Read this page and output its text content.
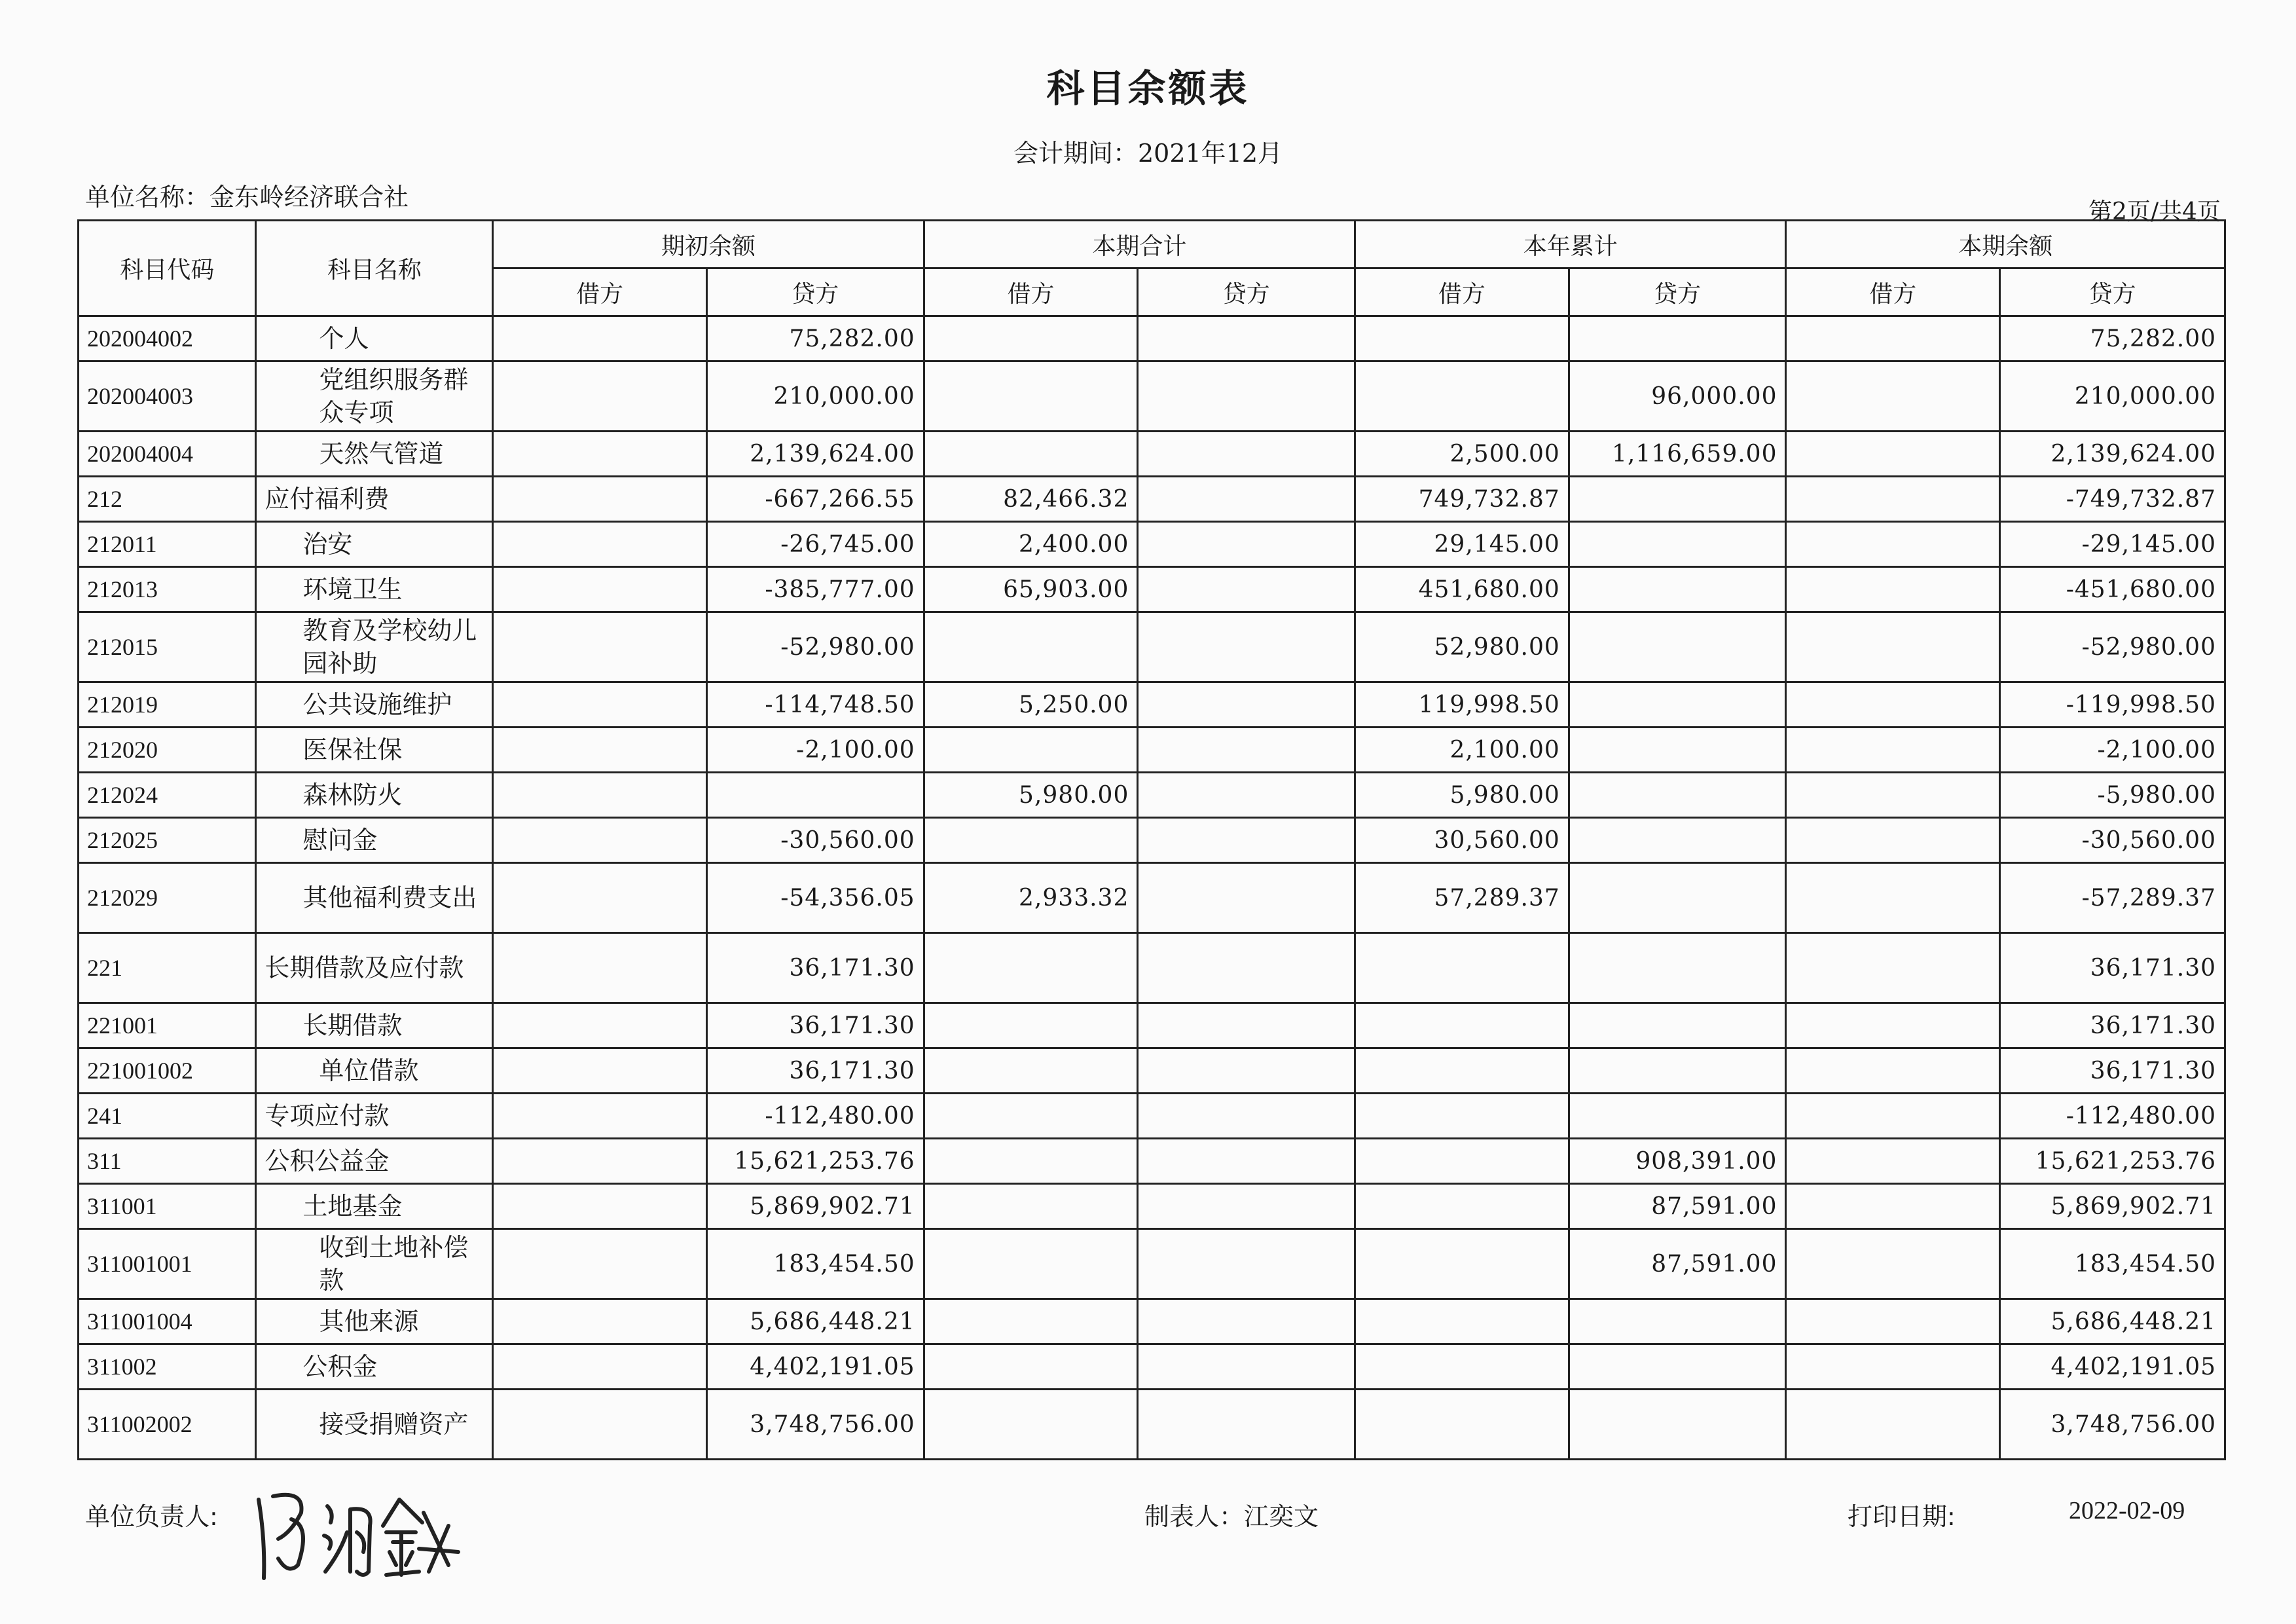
科目余额表
会计期间：2021年12月
单位名称：金东岭经济联合社
第2页/共4页
科目代码	科目名称	期初余额		本期合计		本年累计		本期余额	
		借方	贷方	借方	贷方	借方	贷方	借方	贷方
202004002	个人		75,282.00						75,282.00
202004003	党组织服务群众专项		210,000.00				96,000.00		210,000.00
202004004	天然气管道		2,139,624.00			2,500.00	1,116,659.00		2,139,624.00
212	应付福利费		-667,266.55	82,466.32		749,732.87			-749,732.87
212011	治安		-26,745.00	2,400.00		29,145.00			-29,145.00
212013	环境卫生		-385,777.00	65,903.00		451,680.00			-451,680.00
212015	教育及学校幼儿园补助		-52,980.00			52,980.00			-52,980.00
212019	公共设施维护		-114,748.50	5,250.00		119,998.50			-119,998.50
212020	医保社保		-2,100.00			2,100.00			-2,100.00
212024	森林防火			5,980.00		5,980.00			-5,980.00
212025	慰问金		-30,560.00			30,560.00			-30,560.00
212029	其他福利费支出		-54,356.05	2,933.32		57,289.37			-57,289.37
221	长期借款及应付款		36,171.30						36,171.30
221001	长期借款		36,171.30						36,171.30
221001002	单位借款		36,171.30						36,171.30
241	专项应付款		-112,480.00						-112,480.00
311	公积公益金		15,621,253.76				908,391.00		15,621,253.76
311001	土地基金		5,869,902.71				87,591.00		5,869,902.71
311001001	收到土地补偿款		183,454.50				87,591.00		183,454.50
311001004	其他来源		5,686,448.21						5,686,448.21
311002	公积金		4,402,191.05						4,402,191.05
311002002	接受捐赠资产		3,748,756.00						3,748,756.00
单位负责人:	制表人：江奕文	打印日期:	2022-02-09
